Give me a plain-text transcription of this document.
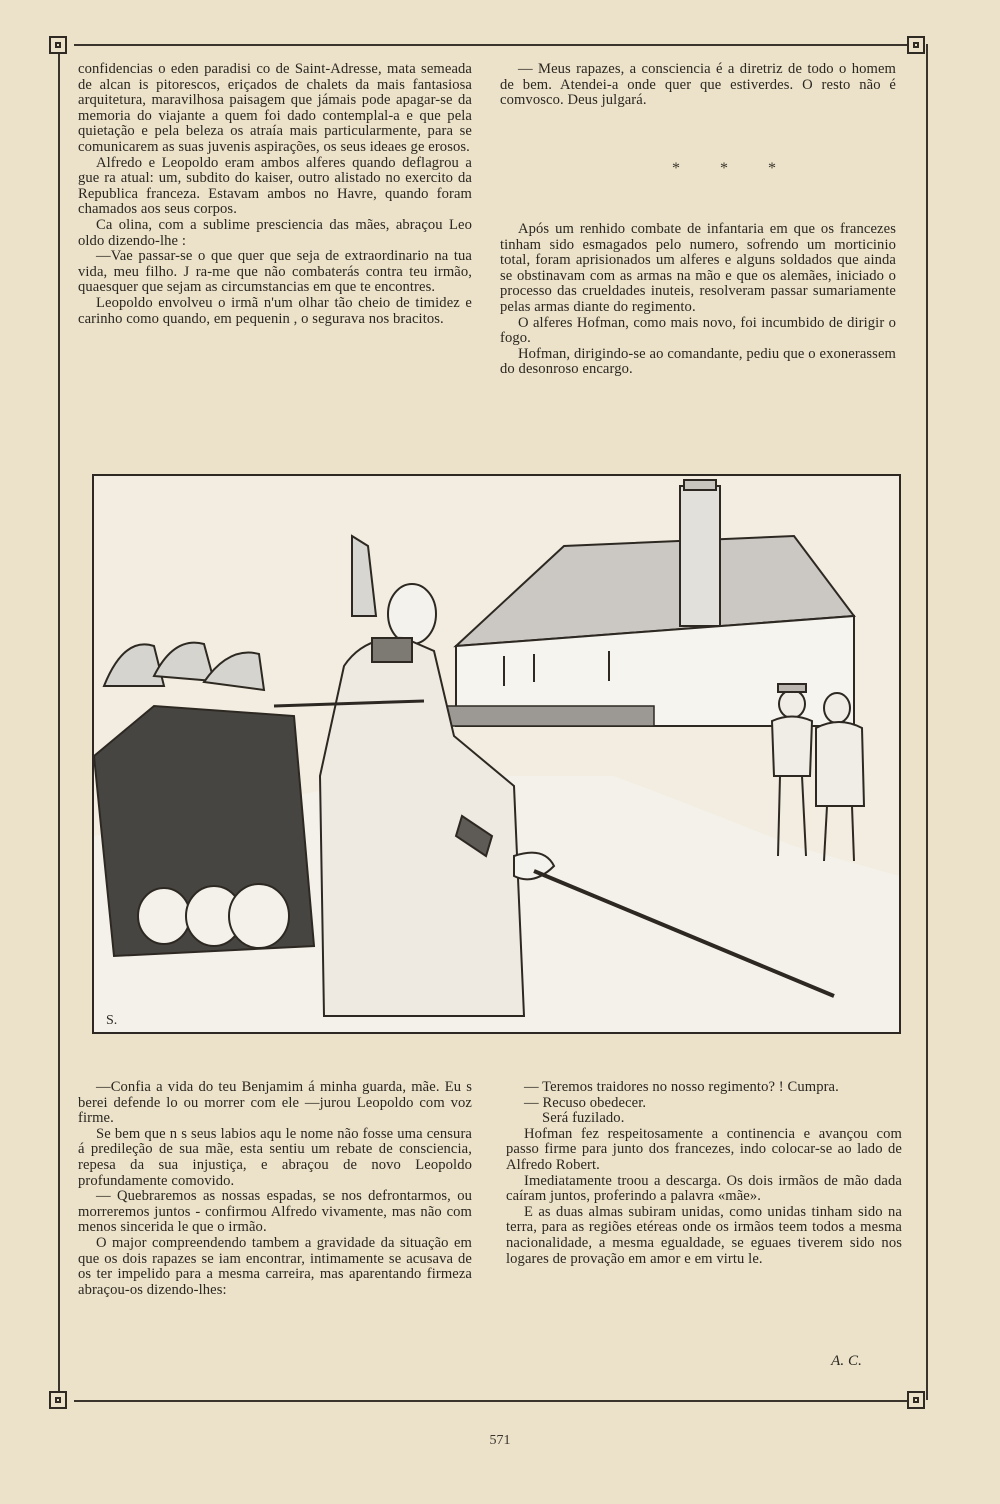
confidencias o eden paradisi co de Saint-Adresse, mata semeada de alcan is pitorescos, eriçados de chalets da mais fantasiosa arquitetura, maravilhosa paisagem que jámais pode apagar-se da memoria do viajante a quem foi dado contemplal-a e que pela quietação e pela beleza os atraía mais particularmente, para se comunicarem as suas juvenis aspirações, os seus ideaes ge erosos.

Alfredo e Leopoldo eram ambos alferes quando deflagrou a gue ra atual: um, subdito do kaiser, outro alistado no exercito da Republica franceza. Estavam ambos no Havre, quando foram chamados aos seus corpos.

Ca olina, com a sublime presciencia das mães, abraçou Leo oldo dizendo-lhe :

—Vae passar-se o que quer que seja de extraordinario na tua vida, meu filho. J ra-me que não combaterás contra teu irmão, quaesquer que sejam as circumstancias em que te encontres.

Leopoldo envolveu o irmã n'um olhar tão cheio de timidez e carinho como quando, em pequenin , o segurava nos bracitos.

— Meus rapazes, a consciencia é a diretriz de todo o homem de bem. Atendei-a onde quer que estiverdes. O resto não é comvosco. Deus julgará.

* * *

Após um renhido combate de infantaria em que os francezes tinham sido esmagados pelo numero, sofrendo um morticinio total, foram aprisionados um alferes e alguns soldados que ainda se obstinavam com as armas na mão e que os alemães, iniciado o processo das crueldades inuteis, resolveram passar sumariamente pelas armas diante do regimento.

O alferes Hofman, como mais novo, foi incumbido de dirigir o fogo.

Hofman, dirigindo-se ao comandante, pediu que o exonerassem do desonroso encargo.

S.

—Confia a vida do teu Benjamim á minha guarda, mãe. Eu s berei defende lo ou morrer com ele —jurou Leopoldo com voz firme.

Se bem que n s seus labios aqu le nome não fosse uma censura á predileção de sua mãe, esta sentiu um rebate de consciencia, repesa da sua injustiça, e abraçou de novo Leopoldo profundamente comovido.

— Quebraremos as nossas espadas, se nos defrontarmos, ou morreremos juntos - confirmou Alfredo vivamente, mas não com menos sincerida le que o irmão.

O major compreendendo tambem a gravidade da situação em que os dois rapazes se iam encontrar, intimamente se acusava de os ter impelido para a mesma carreira, mas aparentando firmeza abraçou-os dizendo-lhes:

— Teremos traidores no nosso regimento? ! Cumpra.

— Recuso obedecer.

Será fuzilado.

Hofman fez respeitosamente a continencia e avançou com passo firme para junto dos francezes, indo colocar-se ao lado de Alfredo Robert.

Imediatamente troou a descarga. Os dois irmãos de mão dada caíram juntos, proferindo a palavra «mãe».

E as duas almas subiram unidas, como unidas tinham sido na terra, para as regiões etéreas onde os irmãos teem todos a mesma nacionalidade, a mesma egualdade, se eguaes tiverem sido nos logares de provação em amor e em virtu le.

A. C.
571
